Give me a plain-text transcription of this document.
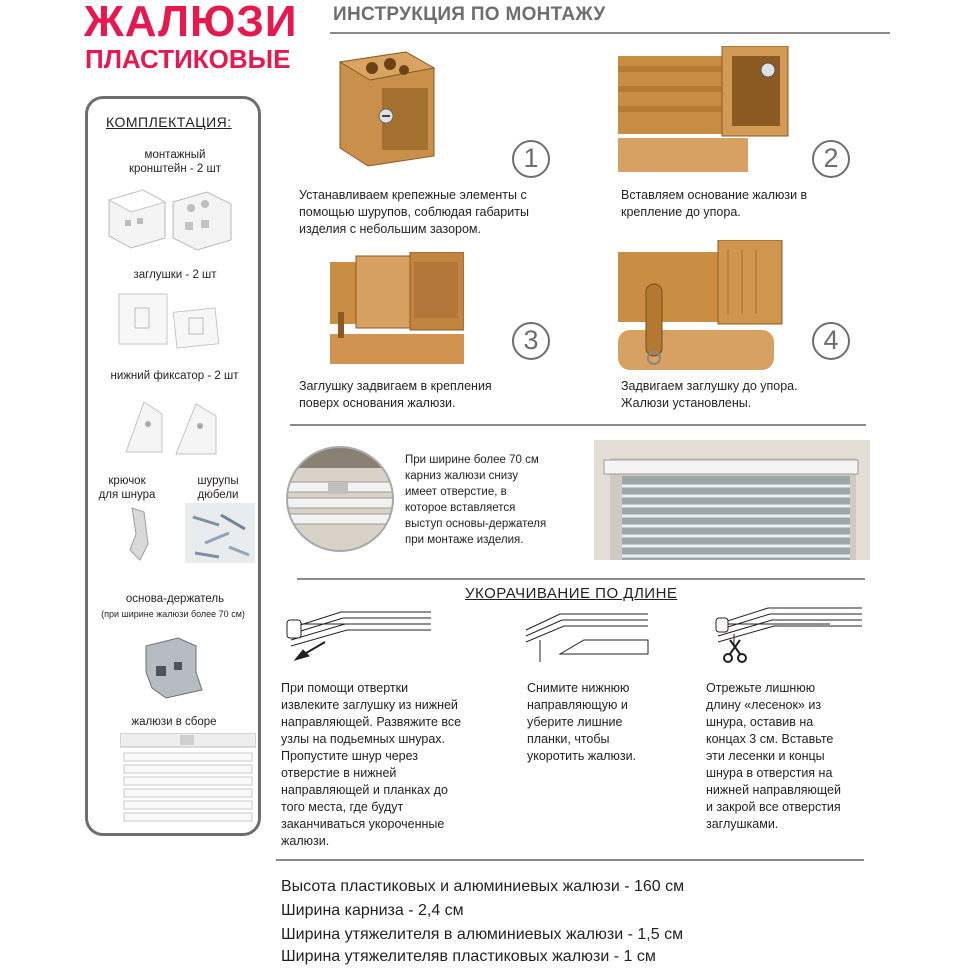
ЖАЛЮЗИ
ПЛАСТИКОВЫЕ
ИНСТРУКЦИЯ ПО МОНТАЖУ
КОМПЛЕКТАЦИЯ:
монтажный
кронштейн - 2 шт
заглушки - 2 шт
нижний фиксатор - 2 шт
крючок
для шнура
шурупы
дюбели
основа-держатель
(при ширине жалюзи более 70 см)
жалюзи в сборе
1
Устанавливаем крепежные элементы с
помощью шурупов, соблюдая габариты
изделия с небольшим зазором.
2
Вставляем основание жалюзи в
крепление до упора.
3
Заглушку задвигаем в крепления
поверх основания жалюзи.
4
Задвигаем заглушку до упора.
Жалюзи установлены.
При ширине более 70 см
карниз жалюзи снизу
имеет отверстие, в
которое вставляется
выступ основы-держателя
при монтаже изделия.
УКОРАЧИВАНИЕ ПО ДЛИНЕ
При помощи отвертки
извлеките заглушку из нижней
направляющей. Развяжите все
узлы на подьемных шнурах.
Пропустите шнур через
отверстие в нижней
направляющей и планках до
того места, где будут
заканчиваться укороченные
жалюзи.
Снимите нижнюю
направляющую и
уберите лишние
планки, чтобы
укоротить жалюзи.
Отрежьте лишнюю
длину «лесенок» из
шнура, оставив на
концах 3 см. Вставьте
эти лесенки и концы
шнура в отверстия на
нижней направляющей
и закрой все отверстия
заглушками.
Высота пластиковых и алюминиевых жалюзи - 160 см
Ширина карниза - 2,4 см
Ширина утяжелителя в алюминиевых жалюзи - 1,5 см
Ширина утяжелителяв пластиковых жалюзи - 1 см
